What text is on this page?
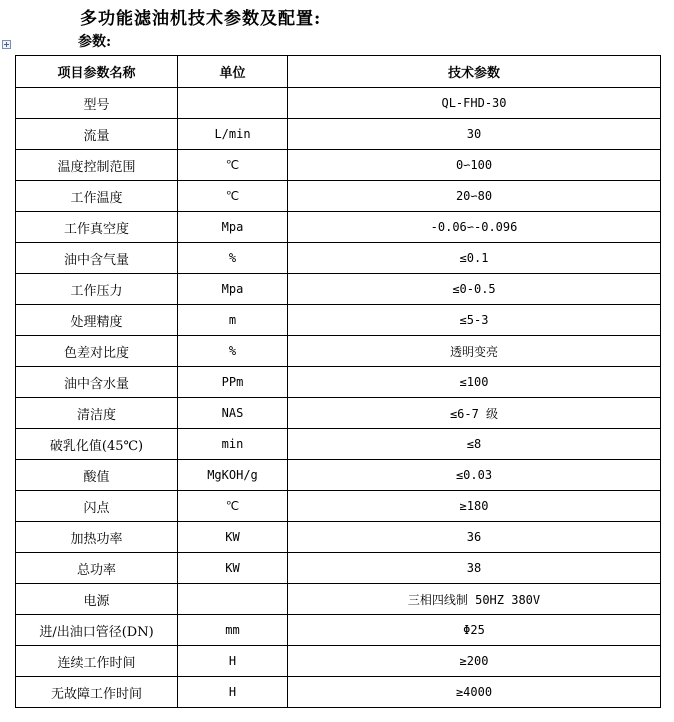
多功能滤油机技术参数及配置:
参数:
项目参数名称	单位	技术参数
型号		QL-FHD-30
流量	L/min	30
温度控制范围	℃	0∽100
工作温度	℃	20∽80
工作真空度	Mpa	-0.06∽-0.096
油中含气量	%	≤0.1
工作压力	Mpa	≤0-0.5
处理精度	m	≤5-3
色差对比度	%	透明变亮
油中含水量	PPm	≤100
清洁度	NAS	≤6-7 级
破乳化值(45℃)	min	≤8
酸值	MgKOH/g	≤0.03
闪点	℃	≥180
加热功率	KW	36
总功率	KW	38
电源		三相四线制 50HZ 380V
进/出油口管径(DN)	mm	Φ25
连续工作时间	H	≥200
无故障工作时间	H	≥4000
